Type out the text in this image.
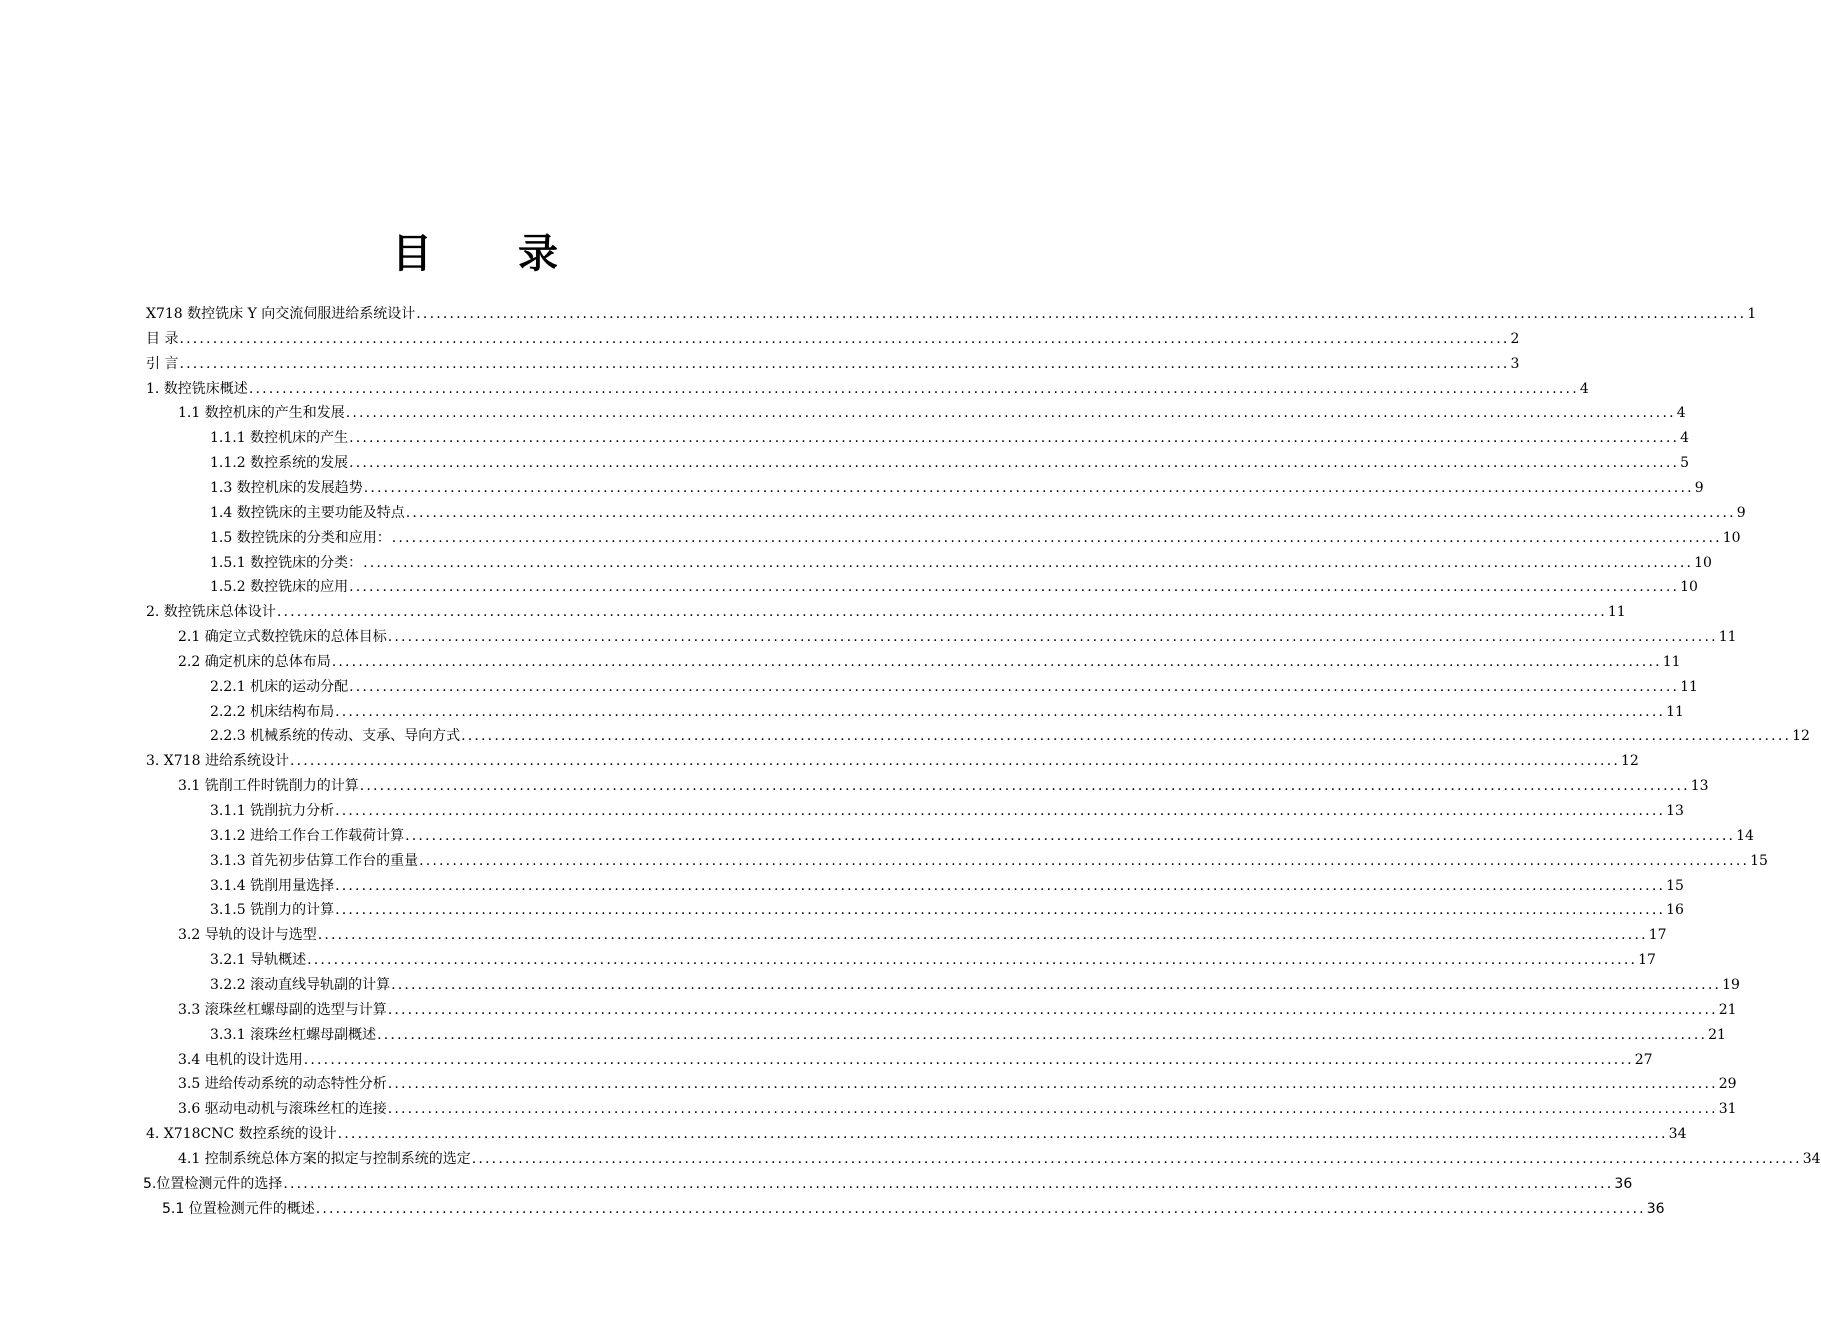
目 录
X718 数控铣床 Y 向交流伺服进给系统设计 ........................................................................................................................................................................................................ 1
目 录 ........................................................................................................................................................................................................ 2
引 言 ........................................................................................................................................................................................................ 3
1. 数控铣床概述 ........................................................................................................................................................................................................ 4
1.1 数控机床的产生和发展 ........................................................................................................................................................................................................ 4
1.1.1 数控机床的产生 ........................................................................................................................................................................................................ 4
1.1.2 数控系统的发展 ........................................................................................................................................................................................................ 5
1.3 数控机床的发展趋势 ........................................................................................................................................................................................................ 9
1.4 数控铣床的主要功能及特点 ........................................................................................................................................................................................................ 9
1.5 数控铣床的分类和应用： ........................................................................................................................................................................................................ 10
1.5.1 数控铣床的分类： ........................................................................................................................................................................................................ 10
1.5.2 数控铣床的应用 ........................................................................................................................................................................................................ 10
2. 数控铣床总体设计 ........................................................................................................................................................................................................ 11
2.1 确定立式数控铣床的总体目标 ........................................................................................................................................................................................................ 11
2.2 确定机床的总体布局 ........................................................................................................................................................................................................ 11
2.2.1 机床的运动分配 ........................................................................................................................................................................................................ 11
2.2.2 机床结构布局 ........................................................................................................................................................................................................ 11
2.2.3 机械系统的传动、支承、导向方式 ........................................................................................................................................................................................................ 12
3. X718 进给系统设计 ........................................................................................................................................................................................................ 12
3.1 铣削工件时铣削力的计算 ........................................................................................................................................................................................................ 13
3.1.1 铣削抗力分析 ........................................................................................................................................................................................................ 13
3.1.2 进给工作台工作载荷计算 ........................................................................................................................................................................................................ 14
3.1.3 首先初步估算工作台的重量 ........................................................................................................................................................................................................ 15
3.1.4 铣削用量选择 ........................................................................................................................................................................................................ 15
3.1.5 铣削力的计算 ........................................................................................................................................................................................................ 16
3.2 导轨的设计与选型 ........................................................................................................................................................................................................ 17
3.2.1 导轨概述 ........................................................................................................................................................................................................ 17
3.2.2 滚动直线导轨副的计算 ........................................................................................................................................................................................................ 19
3.3 滚珠丝杠螺母副的选型与计算 ........................................................................................................................................................................................................ 21
3.3.1 滚珠丝杠螺母副概述 ........................................................................................................................................................................................................ 21
3.4 电机的设计选用 ........................................................................................................................................................................................................ 27
3.5 进给传动系统的动态特性分析 ........................................................................................................................................................................................................ 29
3.6 驱动电动机与滚珠丝杠的连接 ........................................................................................................................................................................................................ 31
4. X718CNC 数控系统的设计 ........................................................................................................................................................................................................ 34
4.1 控制系统总体方案的拟定与控制系统的选定 ........................................................................................................................................................................................................ 34
5.位置检测元件的选择 ........................................................................................................................................................................................................ 36
5.1 位置检测元件的概述 ........................................................................................................................................................................................................ 36
